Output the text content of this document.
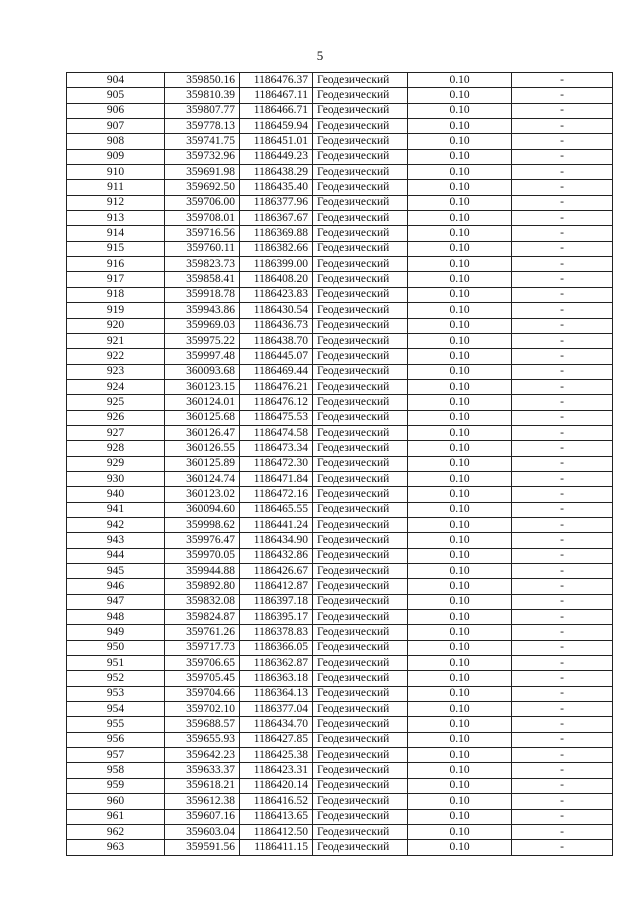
5
904	359850.16	1186476.37	Геодезический	0.10	-
905	359810.39	1186467.11	Геодезический	0.10	-
906	359807.77	1186466.71	Геодезический	0.10	-
907	359778.13	1186459.94	Геодезический	0.10	-
908	359741.75	1186451.01	Геодезический	0.10	-
909	359732.96	1186449.23	Геодезический	0.10	-
910	359691.98	1186438.29	Геодезический	0.10	-
911	359692.50	1186435.40	Геодезический	0.10	-
912	359706.00	1186377.96	Геодезический	0.10	-
913	359708.01	1186367.67	Геодезический	0.10	-
914	359716.56	1186369.88	Геодезический	0.10	-
915	359760.11	1186382.66	Геодезический	0.10	-
916	359823.73	1186399.00	Геодезический	0.10	-
917	359858.41	1186408.20	Геодезический	0.10	-
918	359918.78	1186423.83	Геодезический	0.10	-
919	359943.86	1186430.54	Геодезический	0.10	-
920	359969.03	1186436.73	Геодезический	0.10	-
921	359975.22	1186438.70	Геодезический	0.10	-
922	359997.48	1186445.07	Геодезический	0.10	-
923	360093.68	1186469.44	Геодезический	0.10	-
924	360123.15	1186476.21	Геодезический	0.10	-
925	360124.01	1186476.12	Геодезический	0.10	-
926	360125.68	1186475.53	Геодезический	0.10	-
927	360126.47	1186474.58	Геодезический	0.10	-
928	360126.55	1186473.34	Геодезический	0.10	-
929	360125.89	1186472.30	Геодезический	0.10	-
930	360124.74	1186471.84	Геодезический	0.10	-
940	360123.02	1186472.16	Геодезический	0.10	-
941	360094.60	1186465.55	Геодезический	0.10	-
942	359998.62	1186441.24	Геодезический	0.10	-
943	359976.47	1186434.90	Геодезический	0.10	-
944	359970.05	1186432.86	Геодезический	0.10	-
945	359944.88	1186426.67	Геодезический	0.10	-
946	359892.80	1186412.87	Геодезический	0.10	-
947	359832.08	1186397.18	Геодезический	0.10	-
948	359824.87	1186395.17	Геодезический	0.10	-
949	359761.26	1186378.83	Геодезический	0.10	-
950	359717.73	1186366.05	Геодезический	0.10	-
951	359706.65	1186362.87	Геодезический	0.10	-
952	359705.45	1186363.18	Геодезический	0.10	-
953	359704.66	1186364.13	Геодезический	0.10	-
954	359702.10	1186377.04	Геодезический	0.10	-
955	359688.57	1186434.70	Геодезический	0.10	-
956	359655.93	1186427.85	Геодезический	0.10	-
957	359642.23	1186425.38	Геодезический	0.10	-
958	359633.37	1186423.31	Геодезический	0.10	-
959	359618.21	1186420.14	Геодезический	0.10	-
960	359612.38	1186416.52	Геодезический	0.10	-
961	359607.16	1186413.65	Геодезический	0.10	-
962	359603.04	1186412.50	Геодезический	0.10	-
963	359591.56	1186411.15	Геодезический	0.10	-
